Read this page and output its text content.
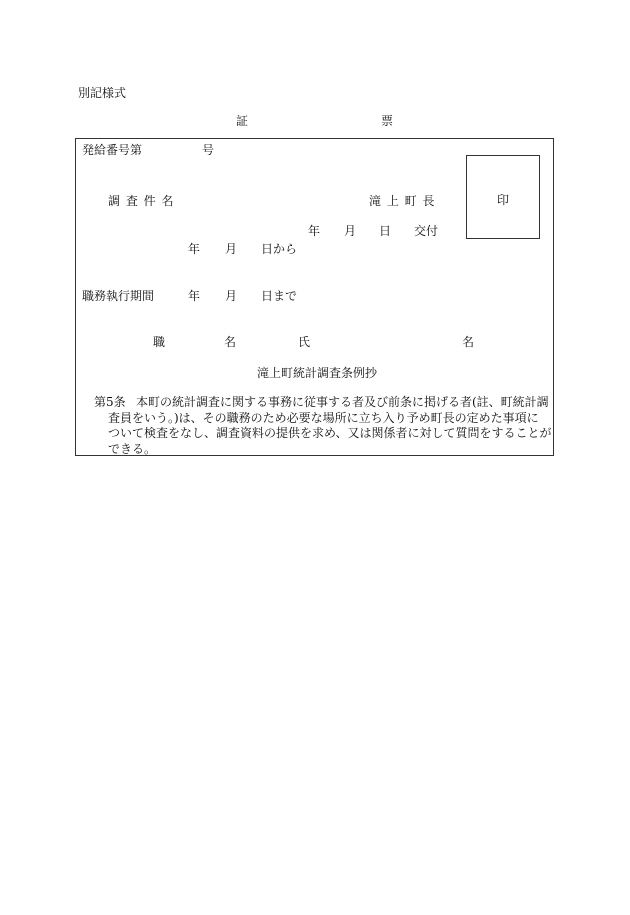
別記様式
証	票
発給番号第	号
調 査 件 名	滝 上 町 長	印
年 月 日 交付
年 月 日から
職務執行期間	年 月 日まで
職	名	氏	名
滝上町統計調査条例抄
第5条 本町の統計調査に関する事務に従事する者及び前条に掲げる者(註、町統計調
査員をいう。)は、その職務のため必要な場所に立ち入り予め町長の定めた事項に
ついて検査をなし、調査資料の提供を求め、又は関係者に対して質問をすることが
できる。
